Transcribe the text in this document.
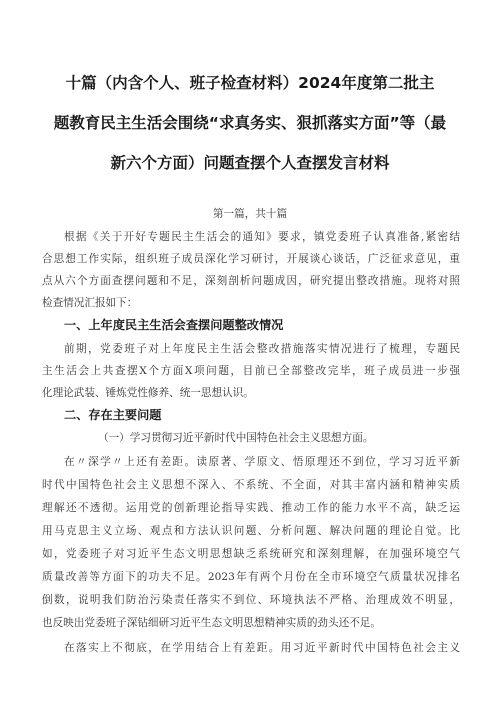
十篇（内含个人、班子检查材料）2024年度第二批主
题教育民主生活会围绕“求真务实、狠抓落实方面”等（最
新六个方面）问题查摆个人查摆发言材料

第一篇，共十篇

根据《关于开好专题民主生活会的通知》要求，镇党委班子认真准备,紧密结

合思想工作实际，组织班子成员深化学习研讨，开展谈心谈话，广泛征求意见，重

点从六个方面查摆问题和不足，深刻剖析问题成因，研究提出整改措施。现将对照

检查情况汇报如下：

一、上年度民主生活会查摆问题整改情况

前期，党委班子对上年度民主生活会整改措施落实情况进行了梳理，专题民

主生活会上共查摆X个方面X项问题，目前已全部整改完毕，班子成员进一步强

化理论武装、锤炼党性修养、统一思想认识。

二、存在主要问题

（一）学习贯彻习近平新时代中国特色社会主义思想方面。

在〃深学〃上还有差距。读原著、学原文、悟原理还不到位，学习习近平新

时代中国特色社会主义思想不深入、不系统、不全面，对其丰富内涵和精神实质

理解还不透彻。运用党的创新理论指导实践、推动工作的能力水平不高，缺乏运

用马克思主义立场、观点和方法认识问题、分析问题、解决问题的理论自觉。比

如，党委班子对习近平生态文明思想缺乏系统研究和深刻理解，在加强环境空气

质量改善等方面下的功夫不足。2023年有两个月份在全市环境空气质量状况排名

倒数，说明我们防治污染责任落实不到位、环境执法不严格、治理成效不明显，

也反映出党委班子深钻细研习近平生态文明思想精神实质的劲头还不足。

在落实上不彻底，在学用结合上有差距。用习近平新时代中国特色社会主义
